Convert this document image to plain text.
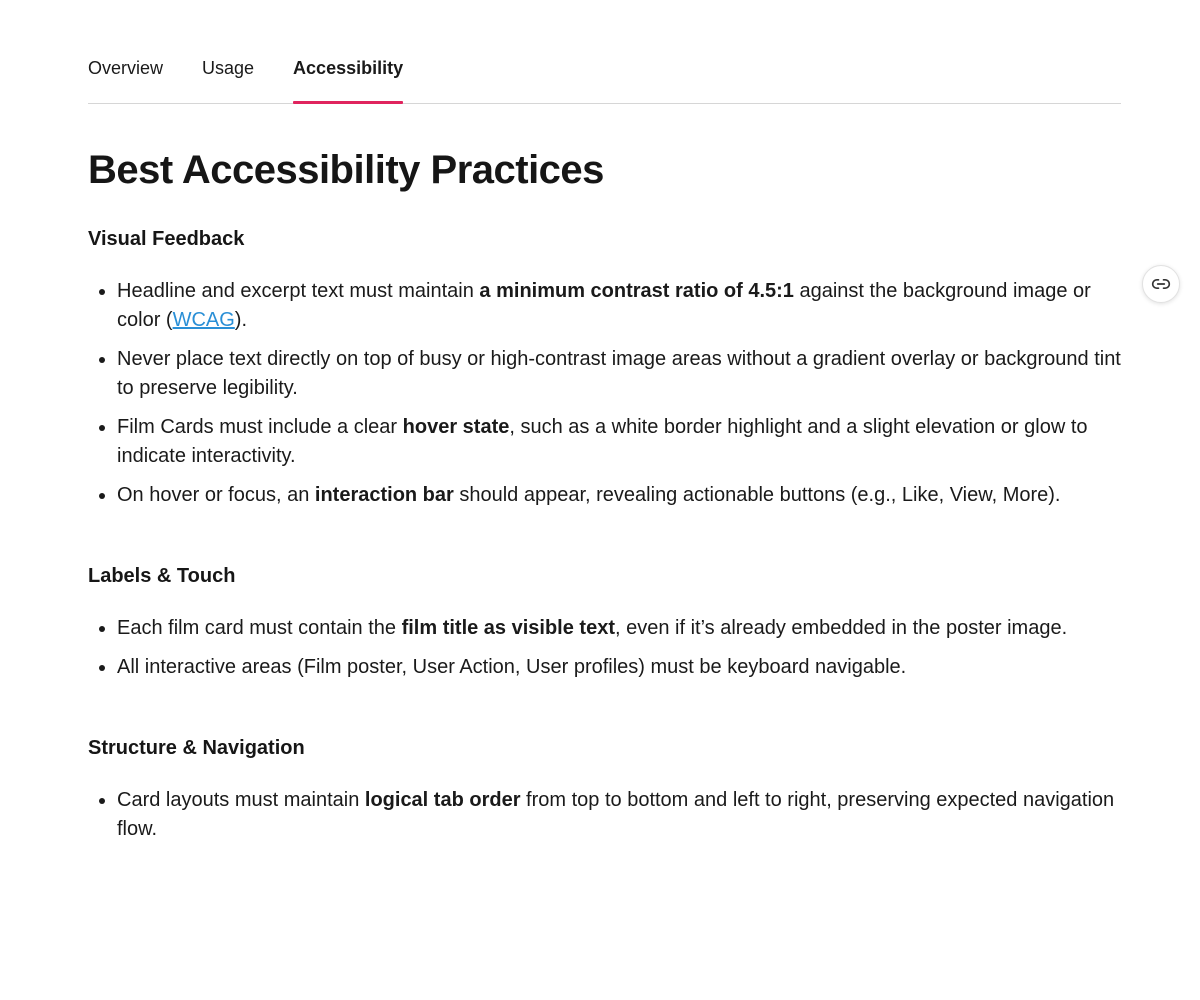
Overview Usage Accessibility
Best Accessibility Practices
Visual Feedback
• Headline and excerpt text must maintain a minimum contrast ratio of 4.5:1 against the background image or color (WCAG).
• Never place text directly on top of busy or high-contrast image areas without a gradient overlay or background tint to preserve legibility.
• Film Cards must include a clear hover state, such as a white border highlight and a slight elevation or glow to indicate interactivity.
• On hover or focus, an interaction bar should appear, revealing actionable buttons (e.g., Like, View, More).
Labels & Touch
• Each film card must contain the film title as visible text, even if it’s already embedded in the poster image.
• All interactive areas (Film poster, User Action, User profiles) must be keyboard navigable.
Structure & Navigation
• Card layouts must maintain logical tab order from top to bottom and left to right, preserving expected navigation flow.
